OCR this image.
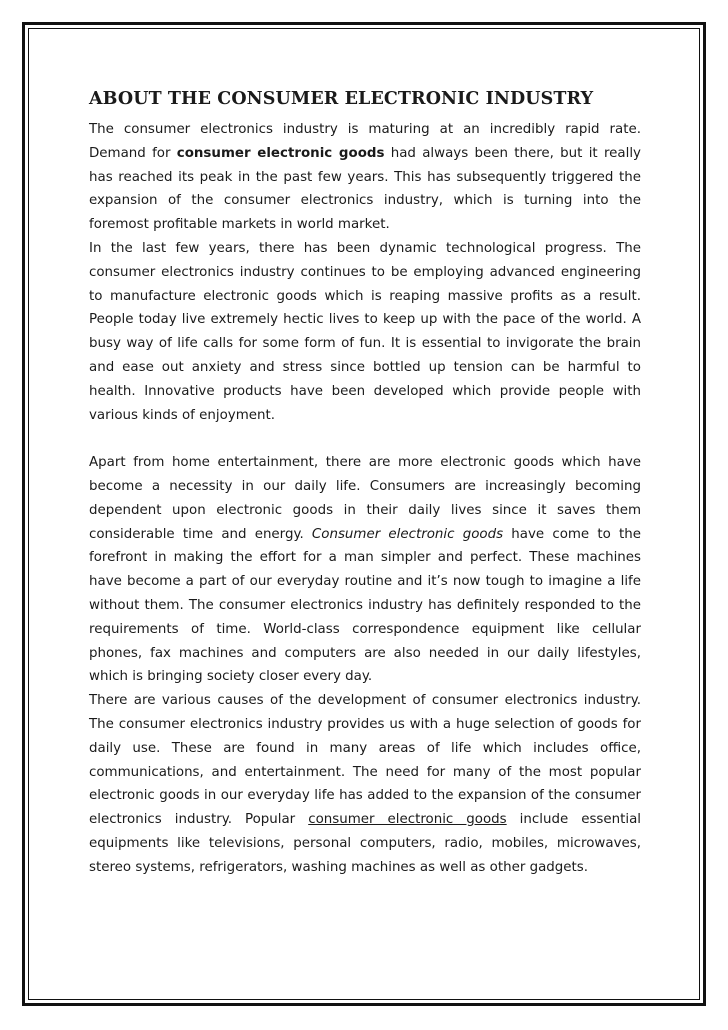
ABOUT THE CONSUMER ELECTRONIC INDUSTRY

The consumer electronics industry is maturing at an incredibly rapid rate. Demand for consumer electronic goods had always been there, but it really has reached its peak in the past few years. This has subsequently triggered the expansion of the consumer electronics industry, which is turning into the foremost profitable markets in world market.

In the last few years, there has been dynamic technological progress. The consumer electronics industry continues to be employing advanced engineering to manufacture electronic goods which is reaping massive profits as a result. People today live extremely hectic lives to keep up with the pace of the world. A busy way of life calls for some form of fun. It is essential to invigorate the brain and ease out anxiety and stress since bottled up tension can be harmful to health. Innovative products have been developed which provide people with various kinds of enjoyment.

Apart from home entertainment, there are more electronic goods which have become a necessity in our daily life. Consumers are increasingly becoming dependent upon electronic goods in their daily lives since it saves them considerable time and energy. Consumer electronic goods have come to the forefront in making the effort for a man simpler and perfect. These machines have become a part of our everyday routine and it’s now tough to imagine a life without them. The consumer electronics industry has definitely responded to the requirements of time. World-class correspondence equipment like cellular phones, fax machines and computers are also needed in our daily lifestyles, which is bringing society closer every day.

There are various causes of the development of consumer electronics industry. The consumer electronics industry provides us with a huge selection of goods for daily use. These are found in many areas of life which includes office, communications, and entertainment. The need for many of the most popular electronic goods in our everyday life has added to the expansion of the consumer electronics industry. Popular consumer electronic goods include essential equipments like televisions, personal computers, radio, mobiles, microwaves, stereo systems, refrigerators, washing machines as well as other gadgets.
